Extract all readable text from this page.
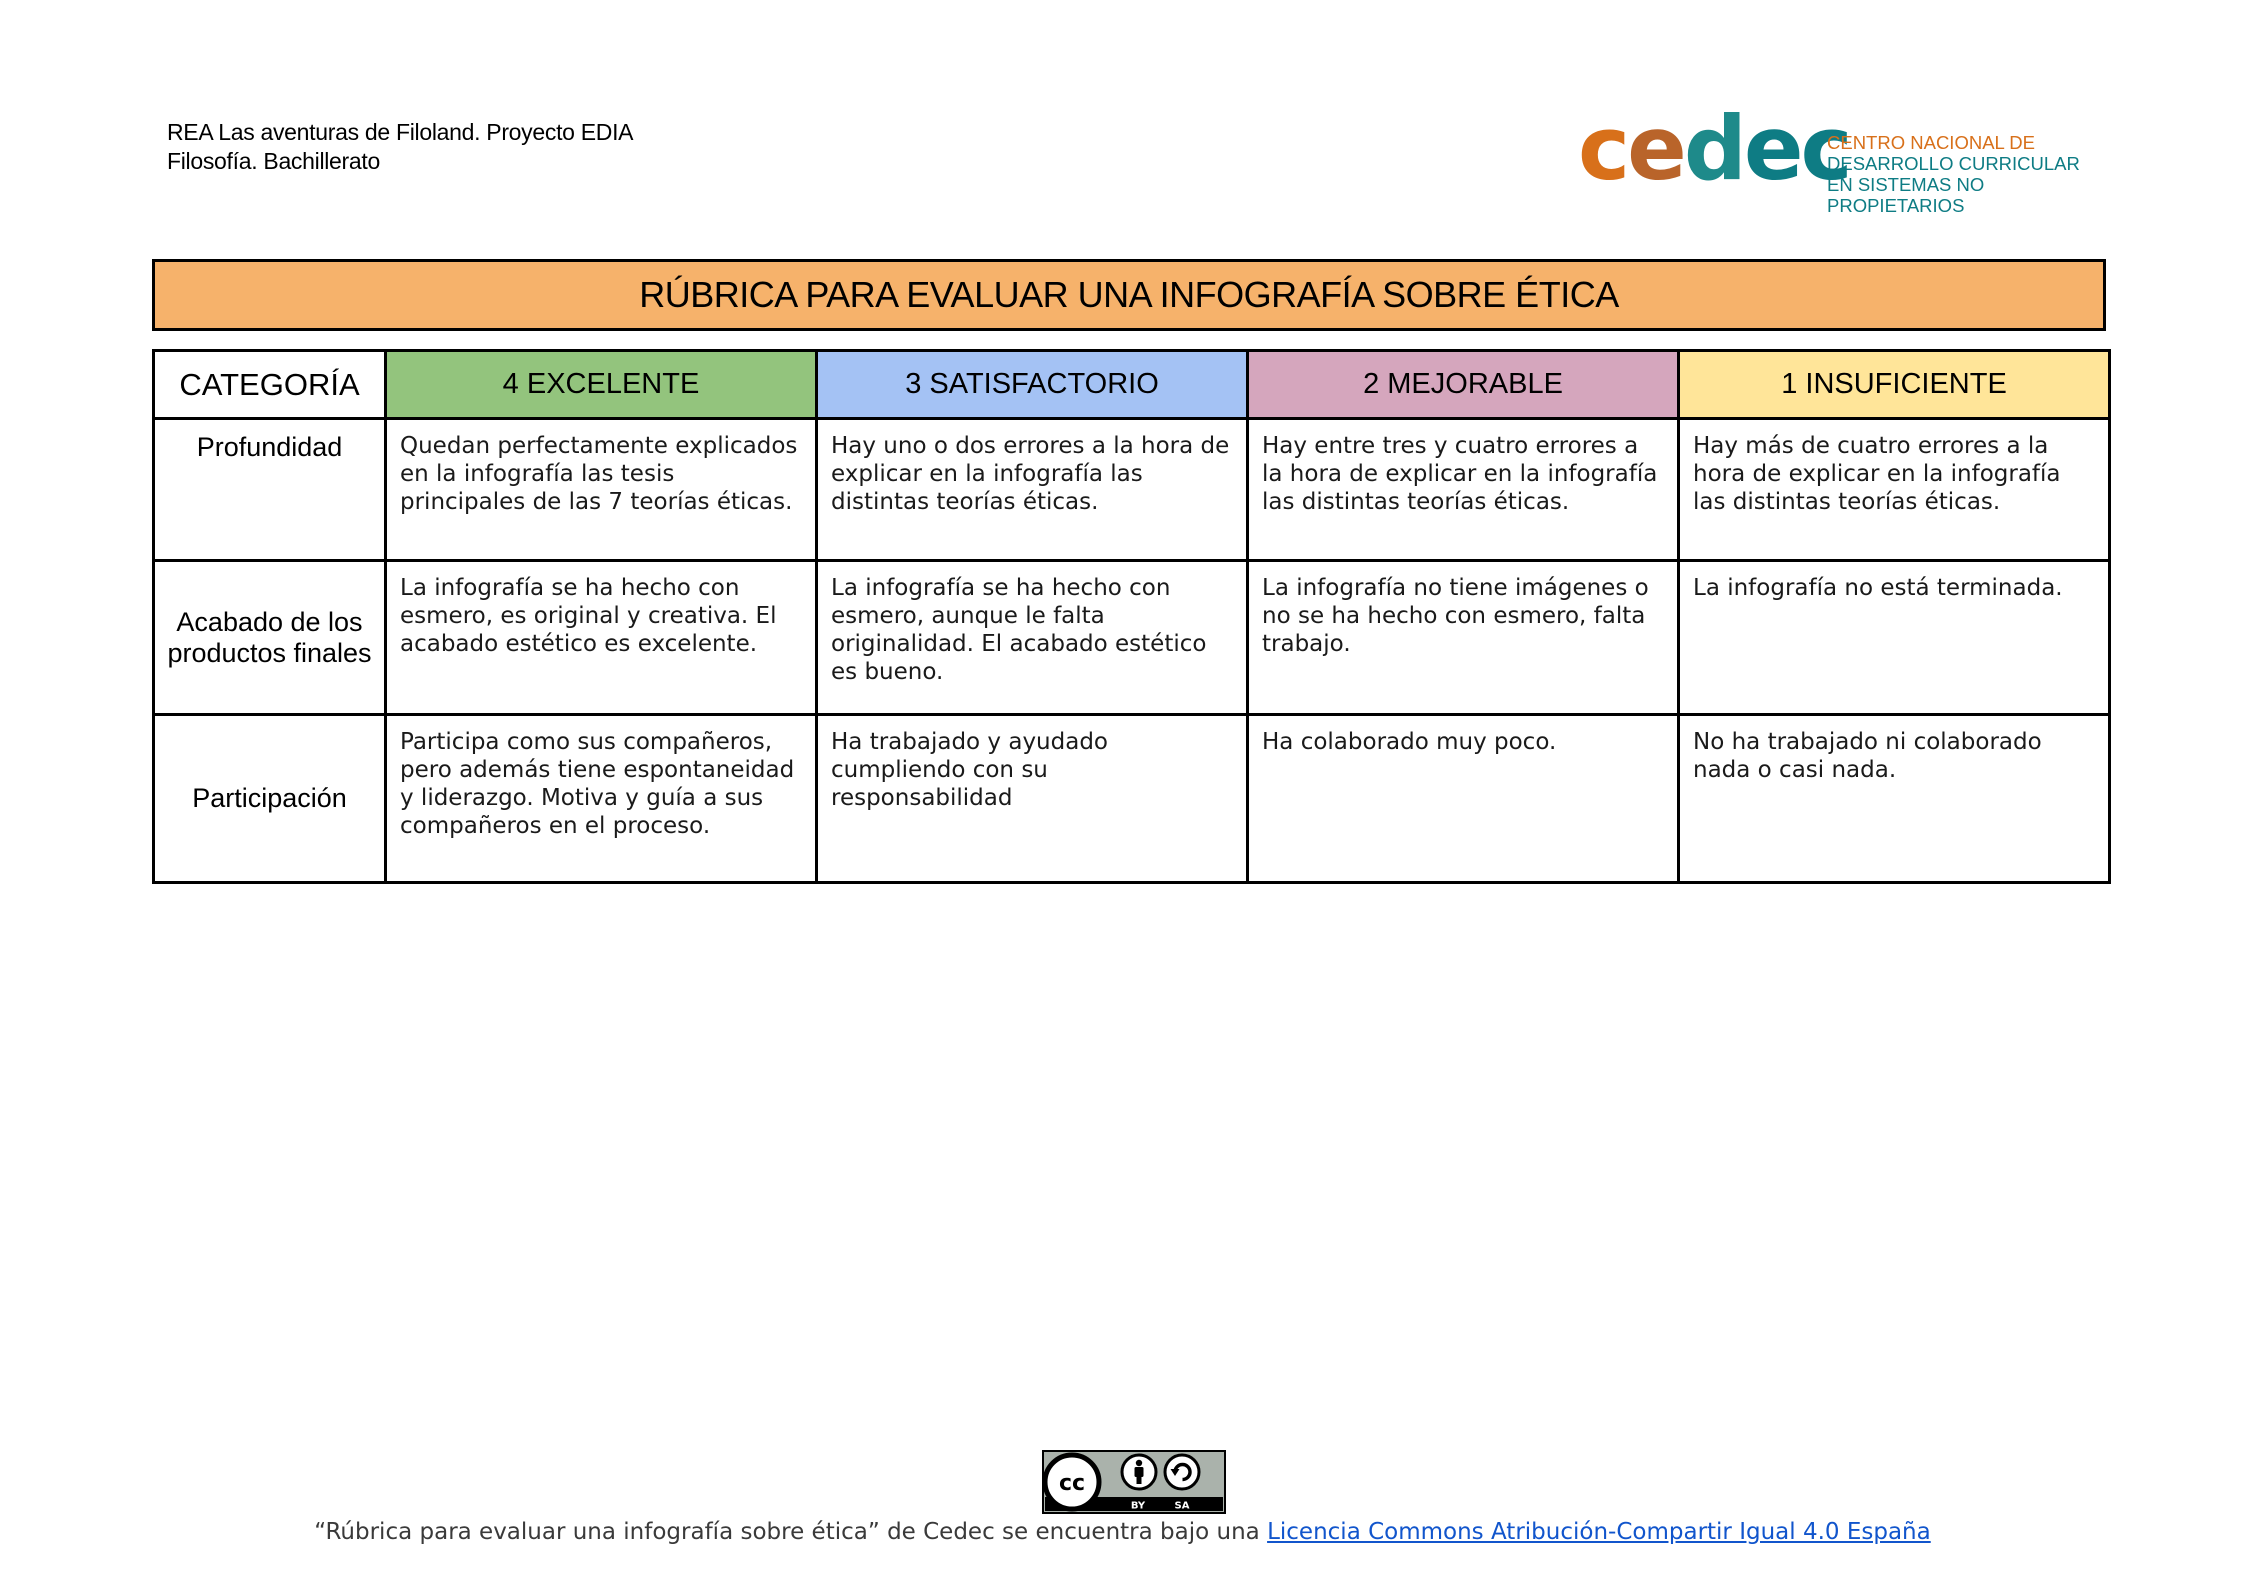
REA Las aventuras de Filoland. Proyecto EDIA
Filosofía. Bachillerato	cedec
CENTRO NACIONAL DE
DESARROLLO CURRICULAR
EN SISTEMAS NO PROPIETARIOS
RÚBRICA PARA EVALUAR UNA INFOGRAFÍA SOBRE ÉTICA
CATEGORÍA	4 EXCELENTE	3 SATISFACTORIO	2 MEJORABLE	1 INSUFICIENTE
Profundidad	Quedan perfectamente explicados en la infografía las tesis principales de las 7 teorías éticas.	Hay uno o dos errores a la hora de explicar en la infografía las distintas teorías éticas.	Hay entre tres y cuatro errores a la hora de explicar en la infografía las distintas teorías éticas.	Hay más de cuatro errores a la hora de explicar en la infografía las distintas teorías éticas.
Acabado de los productos finales	La infografía se ha hecho con esmero, es original y creativa. El acabado estético es excelente.	La infografía se ha hecho con esmero, aunque le falta originalidad. El acabado estético es bueno.	La infografía no tiene imágenes o no se ha hecho con esmero, falta trabajo.	La infografía no está terminada.
Participación	Participa como sus compañeros, pero además tiene espontaneidad y liderazgo. Motiva y guía a sus compañeros en el proceso.	Ha trabajado y ayudado cumpliendo con su responsabilidad	Ha colaborado muy poco.	No ha trabajado ni colaborado nada o casi nada.
cc
BY	SA
“Rúbrica para evaluar una infografía sobre ética” de Cedec se encuentra bajo una Licencia Commons Atribución-Compartir Igual 4.0 España
